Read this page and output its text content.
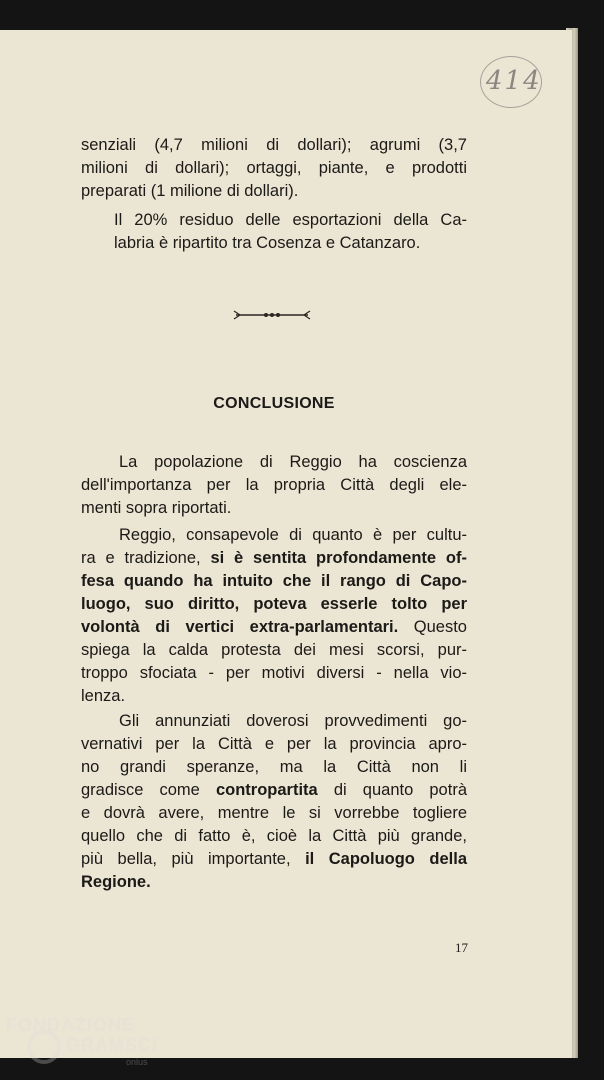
414
senziali (4,7 milioni di dollari); agrumi (3,7
milioni di dollari); ortaggi, piante, e prodotti
preparati (1 milione di dollari).
Il 20% residuo delle esportazioni della Ca-
labria è ripartito tra Cosenza e Catanzaro.
CONCLUSIONE
La popolazione di Reggio ha coscienza
dell'importanza per la propria Città degli ele-
menti sopra riportati.
Reggio, consapevole di quanto è per cultu-
ra e tradizione, si è sentita profondamente of-
fesa quando ha intuito che il rango di Capo-
luogo, suo diritto, poteva esserle tolto per
volontà di vertici extra-parlamentari. Questo
spiega la calda protesta dei mesi scorsi, pur-
troppo sfociata - per motivi diversi - nella vio-
lenza.
Gli annunziati doverosi provvedimenti go-
vernativi per la Città e per la provincia apro-
no grandi speranze, ma la Città non li
gradisce come contropartita di quanto potrà
e dovrà avere, mentre le si vorrebbe togliere
quello che di fatto è, cioè la Città più grande,
più bella, più importante, il Capoluogo della
Regione.
17
FONDAZIONE
GRAMSCI
onlus
